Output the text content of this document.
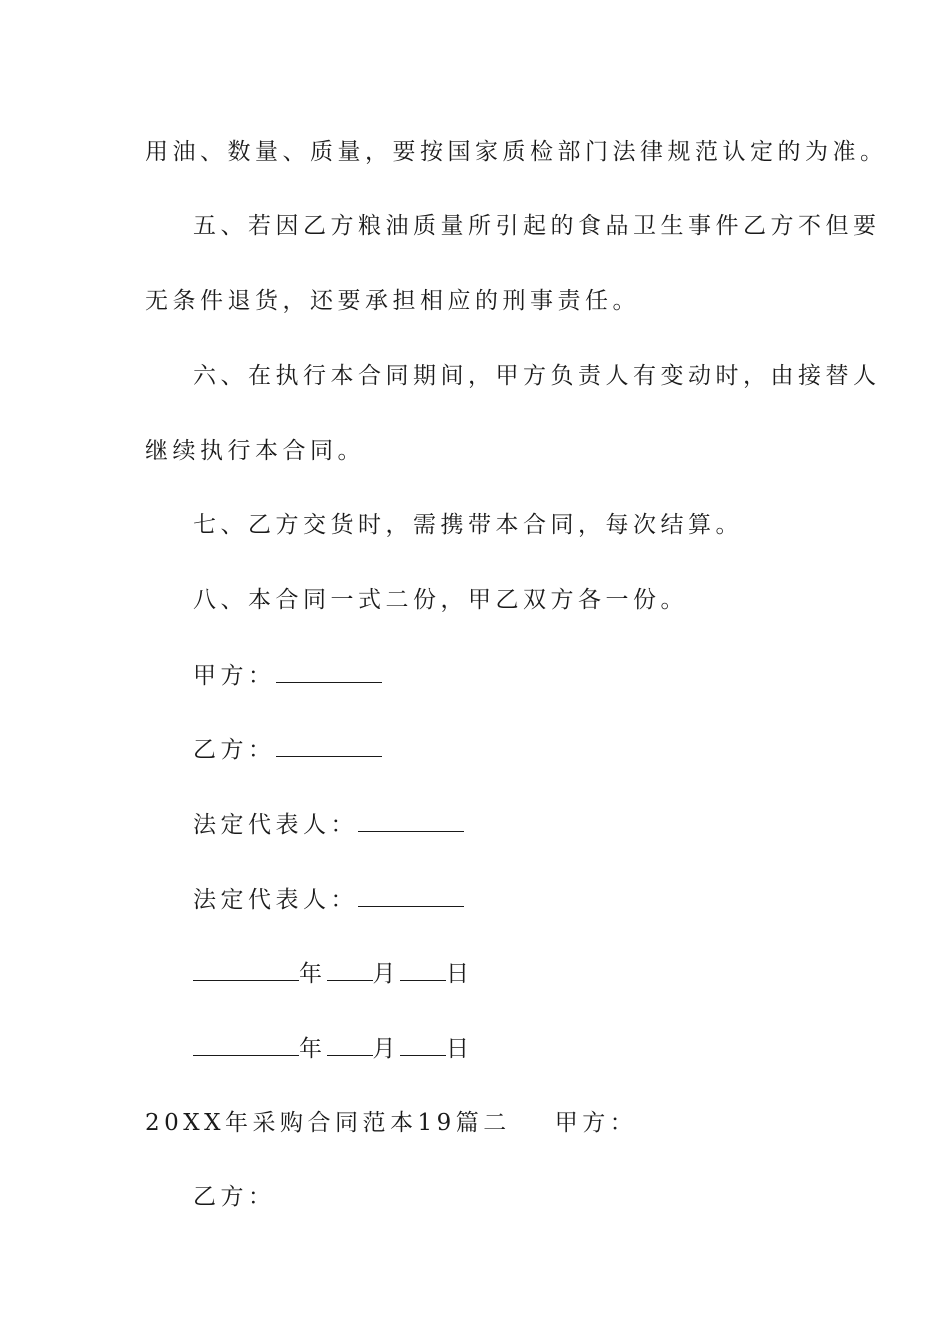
用油、数量、质量，要按国家质检部门法律规范认定的为准。
五、若因乙方粮油质量所引起的食品卫生事件乙方不但要
无条件退货，还要承担相应的刑事责任。
六、在执行本合同期间，甲方负责人有变动时，由接替人
继续执行本合同。
七、乙方交货时，需携带本合同，每次结算。
八、本合同一式二份，甲乙双方各一份。
甲方：
乙方：
法定代表人：
法定代表人：
年 月 日
年 月 日
20XX年采购合同范本19篇二 甲方：
乙方：
